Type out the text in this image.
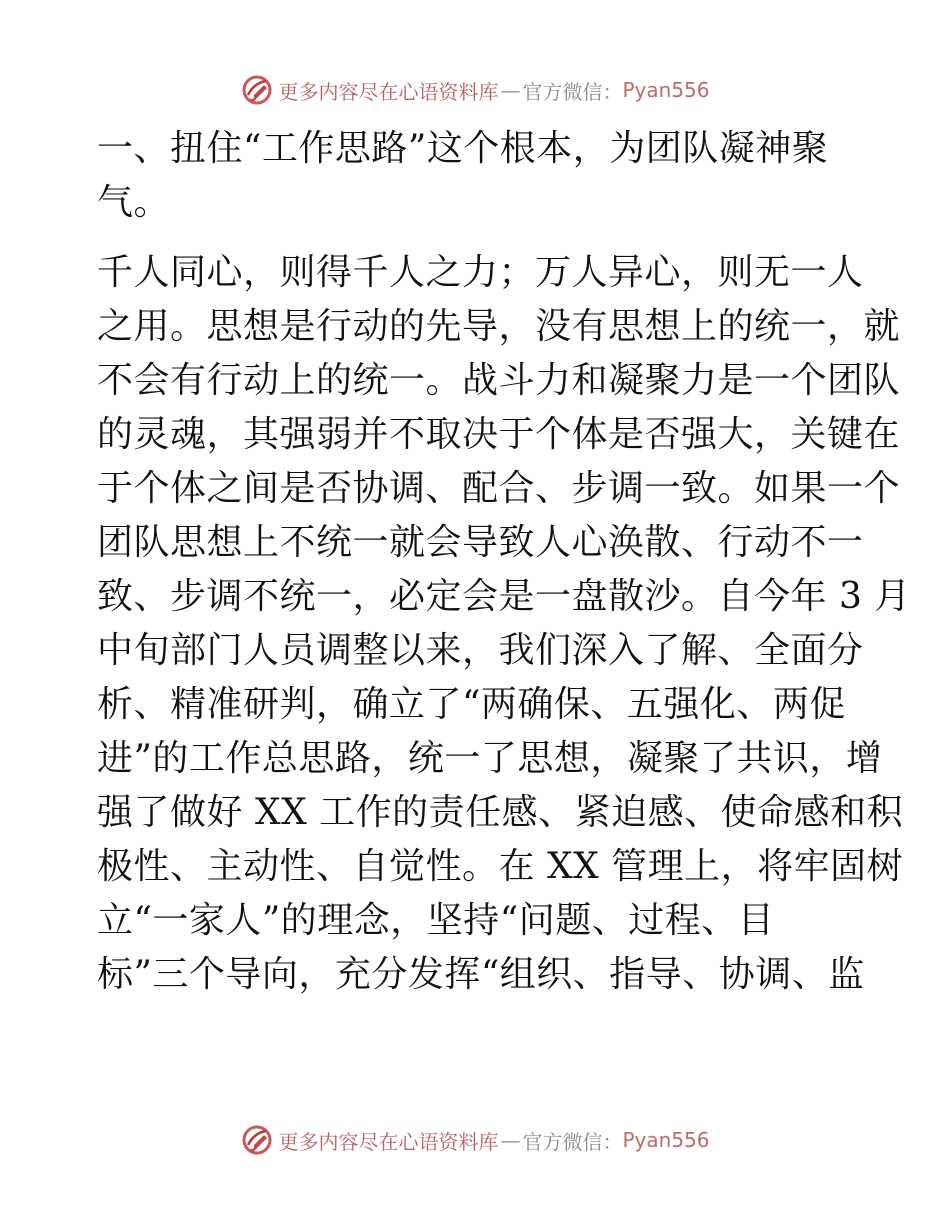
更多内容尽在心语资料库 — 官方微信： Pyan556
一、扭住“工作思路”这个根本，为团队凝神聚
气。
千人同心，则得千人之力；万人异心，则无一人
之用。思想是行动的先导，没有思想上的统一，就
不会有行动上的统一。战斗力和凝聚力是一个团队
的灵魂，其强弱并不取决于个体是否强大，关键在
于个体之间是否协调、配合、步调一致。如果一个
团队思想上不统一就会导致人心涣散、行动不一
致、步调不统一，必定会是一盘散沙。自今年 3 月
中旬部门人员调整以来，我们深入了解、全面分
析、精准研判，确立了“两确保、五强化、两促
进”的工作总思路，统一了思想，凝聚了共识，增
强了做好 XX 工作的责任感、紧迫感、使命感和积
极性、主动性、自觉性。在 XX 管理上，将牢固树
立“一家人”的理念，坚持“问题、过程、目
标”三个导向，充分发挥“组织、指导、协调、监
更多内容尽在心语资料库 — 官方微信： Pyan556
